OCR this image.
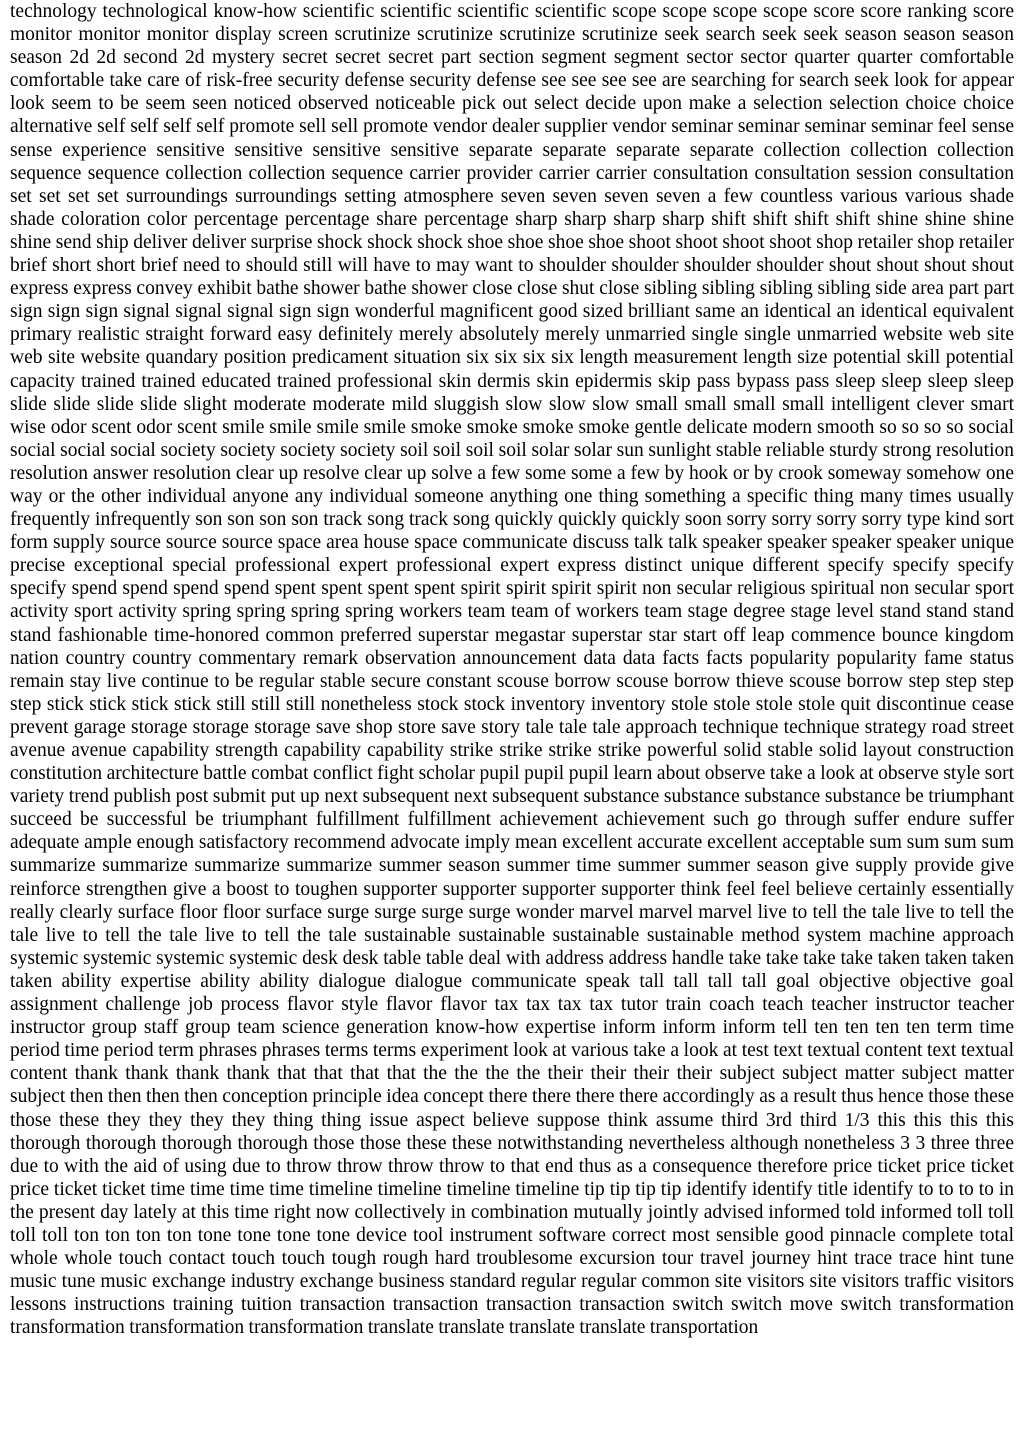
technology technological know-how scientific scientific scientific scientific scope scope scope scope score score ranking score monitor monitor monitor display screen scrutinize scrutinize scrutinize scrutinize seek search seek seek season season season season 2d 2d second 2d mystery secret secret secret part section segment segment sector sector quarter quarter comfortable comfortable take care of risk-free security defense security defense see see see see are searching for search seek look for appear look seem to be seem seen noticed observed noticeable pick out select decide upon make a selection selection choice choice alternative self self self self promote sell sell promote vendor dealer supplier vendor seminar seminar seminar seminar feel sense sense experience sensitive sensitive sensitive sensitive separate separate separate separate collection collection collection sequence sequence collection collection sequence carrier provider carrier carrier consultation consultation session consultation set set set set surroundings surroundings setting atmosphere seven seven seven seven a few countless various various shade shade coloration color percentage percentage share percentage sharp sharp sharp sharp shift shift shift shift shine shine shine shine send ship deliver deliver surprise shock shock shock shoe shoe shoe shoe shoot shoot shoot shoot shop retailer shop retailer brief short short brief need to should still will have to may want to shoulder shoulder shoulder shoulder shout shout shout shout express express convey exhibit bathe shower bathe shower close close shut close sibling sibling sibling sibling side area part part sign sign sign signal signal signal sign sign wonderful magnificent good sized brilliant same an identical an identical equivalent primary realistic straight forward easy definitely merely absolutely merely unmarried single single unmarried website web site web site website quandary position predicament situation six six six six length measurement length size potential skill potential capacity trained trained educated trained professional skin dermis skin epidermis skip pass bypass pass sleep sleep sleep sleep slide slide slide slide slight moderate moderate mild sluggish slow slow slow small small small small intelligent clever smart wise odor scent odor scent smile smile smile smile smoke smoke smoke smoke gentle delicate modern smooth so so so so social social social social society society society society soil soil soil soil solar solar sun sunlight stable reliable sturdy strong resolution resolution answer resolution clear up resolve clear up solve a few some some a few by hook or by crook someway somehow one way or the other individual anyone any individual someone anything one thing something a specific thing many times usually frequently infrequently son son son son track song track song quickly quickly quickly soon sorry sorry sorry sorry type kind sort form supply source source source space area house space communicate discuss talk talk speaker speaker speaker speaker unique precise exceptional special professional expert professional expert express distinct unique different specify specify specify specify spend spend spend spend spent spent spent spent spirit spirit spirit spirit non secular religious spiritual non secular sport activity sport activity spring spring spring spring workers team team of workers team stage degree stage level stand stand stand stand fashionable time-honored common preferred superstar megastar superstar star start off leap commence bounce kingdom nation country country commentary remark observation announcement data data facts facts popularity popularity fame status remain stay live continue to be regular stable secure constant scouse borrow scouse borrow thieve scouse borrow step step step step stick stick stick stick still still still nonetheless stock stock inventory inventory stole stole stole stole quit discontinue cease prevent garage storage storage storage save shop store save story tale tale tale approach technique technique strategy road street avenue avenue capability strength capability capability strike strike strike strike powerful solid stable solid layout construction constitution architecture battle combat conflict fight scholar pupil pupil pupil learn about observe take a look at observe style sort variety trend publish post submit put up next subsequent next subsequent substance substance substance substance be triumphant succeed be successful be triumphant fulfillment fulfillment achievement achievement such go through suffer endure suffer adequate ample enough satisfactory recommend advocate imply mean excellent accurate excellent acceptable sum sum sum sum summarize summarize summarize summarize summer season summer time summer summer season give supply provide give reinforce strengthen give a boost to toughen supporter supporter supporter supporter think feel feel believe certainly essentially really clearly surface floor floor surface surge surge surge surge wonder marvel marvel marvel live to tell the tale live to tell the tale live to tell the tale live to tell the tale sustainable sustainable sustainable sustainable method system machine approach systemic systemic systemic systemic desk desk table table deal with address address handle take take take take taken taken taken taken ability expertise ability ability dialogue dialogue communicate speak tall tall tall tall goal objective objective goal assignment challenge job process flavor style flavor flavor tax tax tax tax tutor train coach teach teacher instructor teacher instructor group staff group team science generation know-how expertise inform inform inform tell ten ten ten ten term time period time period term phrases phrases terms terms experiment look at various take a look at test text textual content text textual content thank thank thank thank that that that that the the the the their their their their subject subject matter subject matter subject then then then then conception principle idea concept there there there there accordingly as a result thus hence those these those these they they they they thing thing issue aspect believe suppose think assume third 3rd third 1/3 this this this this thorough thorough thorough thorough those those these these notwithstanding nevertheless although nonetheless 3 3 three three due to with the aid of using due to throw throw throw throw to that end thus as a consequence therefore price ticket price ticket price ticket ticket time time time time timeline timeline timeline timeline tip tip tip tip identify identify title identify to to to to in the present day lately at this time right now collectively in combination mutually jointly advised informed told informed toll toll toll toll ton ton ton ton tone tone tone tone device tool instrument software correct most sensible good pinnacle complete total whole whole touch contact touch touch tough rough hard troublesome excursion tour travel journey hint trace trace hint tune music tune music exchange industry exchange business standard regular regular common site visitors site visitors traffic visitors lessons instructions training tuition transaction transaction transaction transaction switch switch move switch transformation transformation transformation transformation translate translate translate translate transportation
